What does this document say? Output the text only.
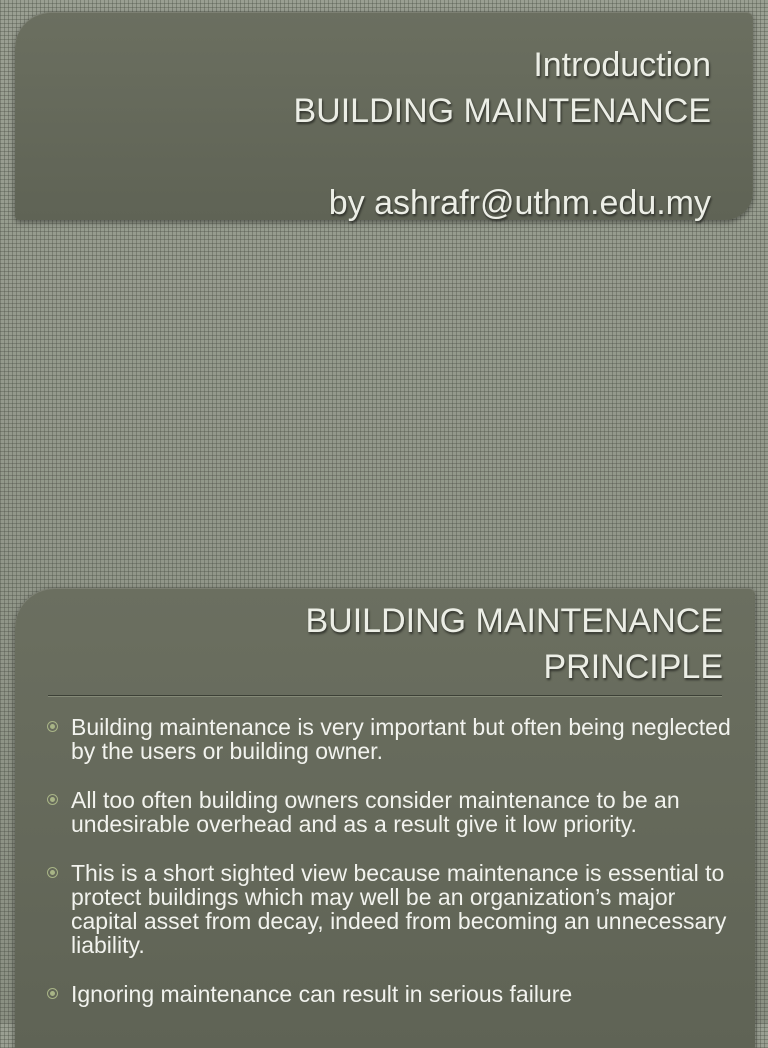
Introduction
BUILDING MAINTENANCE
by ashrafr@uthm.edu.my
BUILDING MAINTENANCE
PRINCIPLE
Building maintenance is very important but often being neglected by the users or building owner.
All too often building owners consider maintenance to be an undesirable overhead and as a result give it low priority.
This is a short sighted view because maintenance is essential to protect buildings which may well be an organization’s major capital asset from decay, indeed from becoming an unnecessary liability.
Ignoring maintenance can result in serious failure
